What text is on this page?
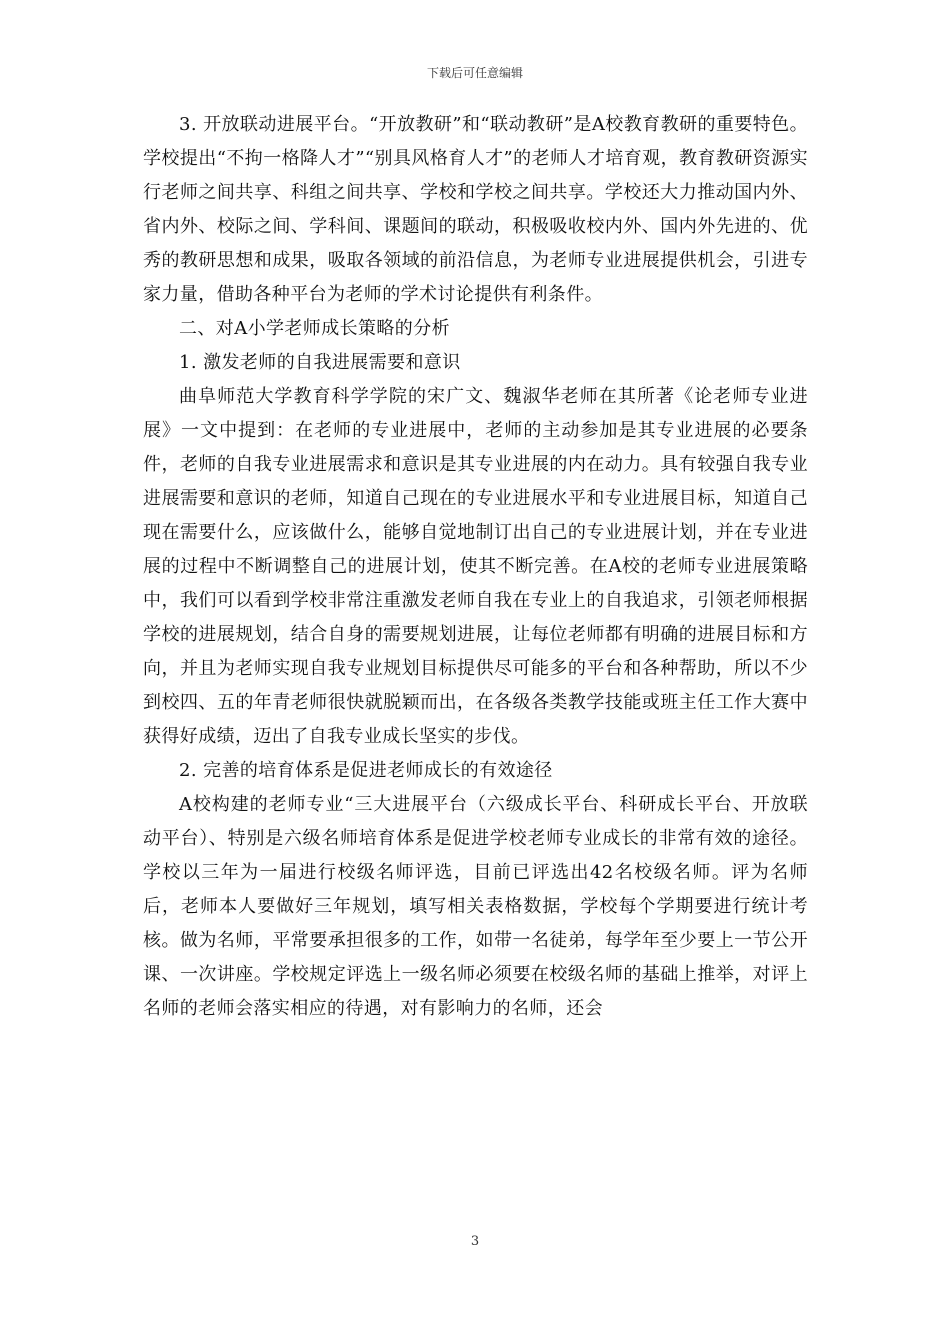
下载后可任意编辑

3. 开放联动进展平台。“开放教研”和“联动教研”是A校教育教研的重要特色。学校提出“不拘一格降人才”“别具风格育人才”的老师人才培育观，教育教研资源实行老师之间共享、科组之间共享、学校和学校之间共享。学校还大力推动国内外、省内外、校际之间、学科间、课题间的联动，积极吸收校内外、国内外先进的、优秀的教研思想和成果，吸取各领域的前沿信息，为老师专业进展提供机会，引进专家力量，借助各种平台为老师的学术讨论提供有利条件。

二、对A小学老师成长策略的分析

1. 激发老师的自我进展需要和意识

曲阜师范大学教育科学学院的宋广文、魏淑华老师在其所著《论老师专业进展》一文中提到：在老师的专业进展中，老师的主动参加是其专业进展的必要条件，老师的自我专业进展需求和意识是其专业进展的内在动力。具有较强自我专业进展需要和意识的老师，知道自己现在的专业进展水平和专业进展目标，知道自己现在需要什么，应该做什么，能够自觉地制订出自己的专业进展计划，并在专业进展的过程中不断调整自己的进展计划，使其不断完善。在A校的老师专业进展策略中，我们可以看到学校非常注重激发老师自我在专业上的自我追求，引领老师根据学校的进展规划，结合自身的需要规划进展，让每位老师都有明确的进展目标和方向，并且为老师实现自我专业规划目标提供尽可能多的平台和各种帮助，所以不少到校四、五的年青老师很快就脱颖而出，在各级各类教学技能或班主任工作大赛中获得好成绩，迈出了自我专业成长坚实的步伐。

2. 完善的培育体系是促进老师成长的有效途径

A校构建的老师专业“三大进展平台（六级成长平台、科研成长平台、开放联动平台）、特别是六级名师培育体系是促进学校老师专业成长的非常有效的途径。学校以三年为一届进行校级名师评选，目前已评选出42名校级名师。评为名师后，老师本人要做好三年规划，填写相关表格数据，学校每个学期要进行统计考核。做为名师，平常要承担很多的工作，如带一名徒弟，每学年至少要上一节公开课、一次讲座。学校规定评选上一级名师必须要在校级名师的基础上推举，对评上名师的老师会落实相应的待遇，对有影响力的名师，还会

3
